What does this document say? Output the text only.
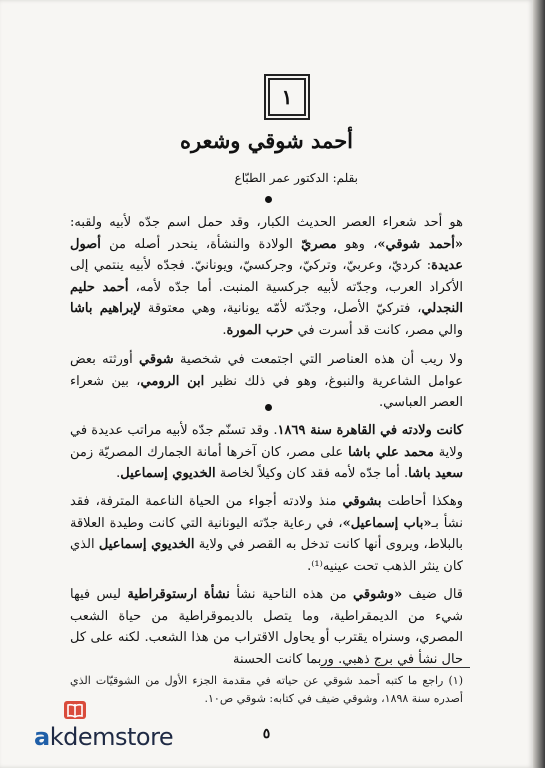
١
أحمد شوقي وشعره
بقلم: الدكتور عمر الطبّاع
هو أحد شعراء العصر الحديث الكبار، وقد حمل اسم جدّه لأبيه ولقبه: «أحمد شوقي»، وهو مصريّ الولادة والنشأة، ينحدر أصله من أصول عديدة: كرديّ، وعربيّ، وتركيّ، وجركسيّ، ويونانيّ. فجدّه لأبيه ينتمي إلى الأكراد العرب، وجدّته لأبيه جركسية المنبت. أما جدّه لأمه، أحمد حليم النجدلي، فتركيّ الأصل، وجدّته لأمّه يونانية، وهي معتوقة لإبراهيم باشا والي مصر، كانت قد أسرت في حرب المورة.
ولا ريب أن هذه العناصر التي اجتمعت في شخصية شوقي أورثته بعض عوامل الشاعرية والنبوغ، وهو في ذلك نظير ابن الرومي، بين شعراء العصر العباسي.
كانت ولادته في القاهرة سنة ١٨٦٩. وقد تسنّم جدّه لأبيه مراتب عديدة في ولاية محمد علي باشا على مصر، كان آخرها أمانة الجمارك المصريّة زمن سعيد باشا. أما جدّه لأمه فقد كان وكيلاً لخاصة الخديوي إسماعيل.
وهكذا أحاطت بشوقي منذ ولادته أجواء من الحياة الناعمة المترفة، فقد نشأ بـ«باب إسماعيل»، في رعاية جدّته اليونانية التي كانت وطيدة العلاقة بالبلاط، ويروى أنها كانت تدخل به القصر في ولاية الخديوي إسماعيل الذي كان ينثر الذهب تحت عينيه⁽¹⁾.
قال ضيف «وشوقي من هذه الناحية نشأ نشأة ارستوقراطية ليس فيها شيء من الديمقراطية، وما يتصل بالديموقراطية من حياة الشعب المصري، وسنراه يقترب أو يحاول الاقتراب من هذا الشعب. لكنه على كل حال نشأ في برج ذهبي. وربما كانت الحسنة
(١) راجع ما كتبه أحمد شوقي عن حياته في مقدمة الجزء الأول من الشوقيّات الذي أصدره سنة ١٨٩٨، وشوقي ضيف في كتابه: شوقي ص١٠.
٥
akdemstore
